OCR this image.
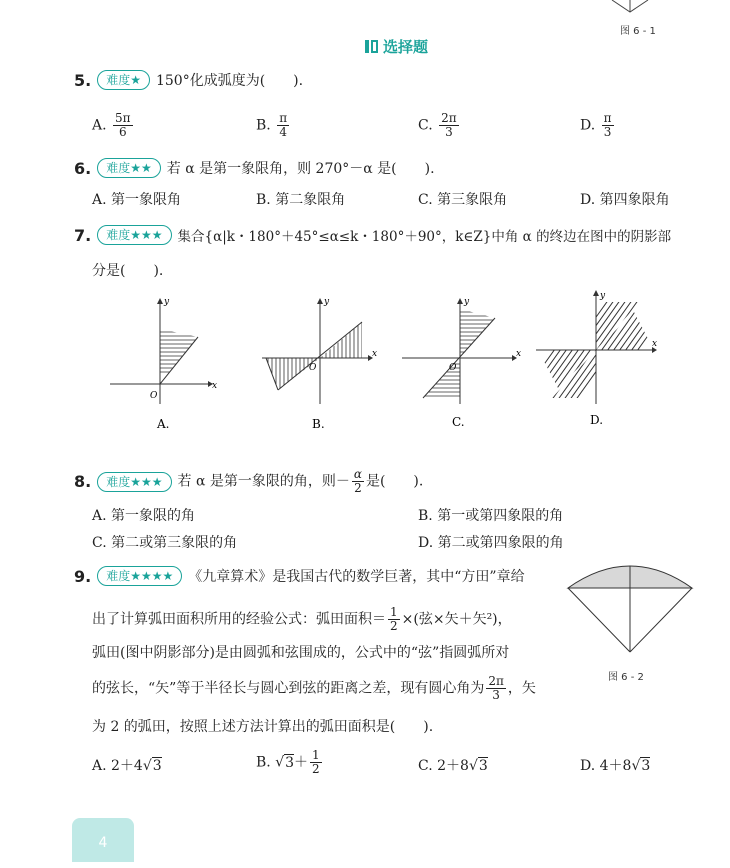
图 6 - 1
选择题
5.	难度★	150°化成弧度为(　　).
A. $\frac{5\pi}{6}$	B. $\frac{\pi}{4}$	C. $\frac{2\pi}{3}$	D. $\frac{\pi}{3}$
6.	难度★★	若 α 是第一象限角，则 270°－α 是(　　).
A. 第一象限角	B. 第二象限角	C. 第三象限角	D. 第四象限角
7.	难度★★★	集合{α|k・180°＋45°≤α≤k・180°＋90°，k∈Z}中角 α 的终边在图中的阴影部
分是(　　).
x
y
O
A.
x
y
O
B.
x
y
O
C.
x
y
D.
8.	难度★★★	若 α 是第一象限的角，则－ $\frac{\alpha}{2}$ 是(　　).
A. 第一象限的角	B. 第一或第四象限的角
C. 第二或第三象限的角	D. 第二或第四象限的角
9.	难度★★★★	《九章算术》是我国古代的数学巨著，其中“方田”章给
出了计算弧田面积所用的经验公式：弧田面积＝ $\frac{1}{2}$ ×(弦×矢＋矢²)，
弧田(图中阴影部分)是由圆弧和弦围成的，公式中的“弦”指圆弧所对
的弦长，“矢”等于半径长与圆心到弦的距离之差，现有圆心角为 $\frac{2\pi}{3}$ ，矢
为 2 的弧田，按照上述方法计算出的弧田面积是(　　).
图 6 - 2
A. 2＋4√3	B. $√3+ \frac{1}{2}$	C. 2＋8√3	D. 4＋8√3
4
